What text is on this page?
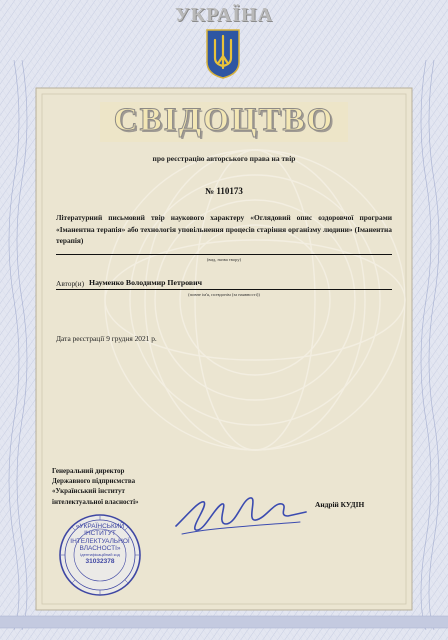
УКРАЇНА
СВІДОЦТВО
про реєстрацію авторського права на твір
№ 110173
Літературний письмовий твір наукового характеру «Оглядовий опис оздоровчої програми «Іманентна терапія» або технологія уповільнення процесів старіння організму людини» (Іманентна терапія)
(вид, назва твору)
Автор(и) Науменко Володимир Петрович
(повне ім'я, псевдонім (за наявності))
Дата реєстрації 9 грудня 2021 р.
Генеральний директор
Державного підприємства
«Український інститут
інтелектуальної власності»	Андрій КУДІН
«УКРАЇНСЬКИЙ
ІНСТИТУТ
ІНТЕЛЕКТУАЛЬНОЇ
ВЛАСНОСТІ»
Ідентифікаційний код
31032378
